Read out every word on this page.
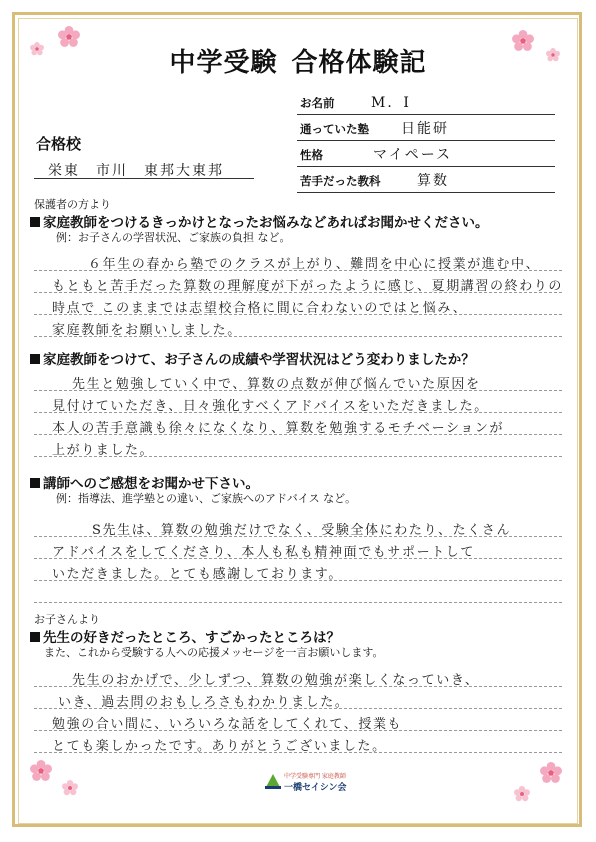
中学受験 合格体験記
お名前	M．I
通っていた塾 日能研
性格	マイペース
苦手だった教科	算数
合格校
栄東　市川　東邦大東邦
保護者の方より
家庭教師をつけるきっかけとなったお悩みなどあればお聞かせください。
例：お子さんの学習状況、ご家族の負担 など。
６年生の春から塾でのクラスが上がり、難問を中心に授業が進む中、
もともと苦手だった算数の理解度が下がったように感じ、夏期講習の終わりの
時点で このままでは志望校合格に間に合わないのではと悩み、
家庭教師をお願いしました。
家庭教師をつけて、お子さんの成績や学習状況はどう変わりましたか？
先生と勉強していく中で、算数の点数が伸び悩んでいた原因を
見付けていただき、日々強化すべくアドバイスをいただきました。
本人の苦手意識も徐々になくなり、算数を勉強するモチベーションが
上がりました。
講師へのご感想をお聞かせ下さい。
例：指導法、進学塾との違い、ご家族へのアドバイス など。
S先生は、算数の勉強だけでなく、受験全体にわたり、たくさん
アドバイスをしてくださり、本人も私も精神面でもサポートして
いただきました。とても感謝しております。
お子さんより
先生の好きだったところ、すごかったところは？
また、これから受験する人への応援メッセージを一言お願いします。
先生のおかげで、少しずつ、算数の勉強が楽しくなっていき、
いき、過去問のおもしろさもわかりました。
勉強の合い間に、いろいろな話をしてくれて、授業も
とても楽しかったです。ありがとうございました。
中学受験専門 家庭教師
一橋セイシン会
